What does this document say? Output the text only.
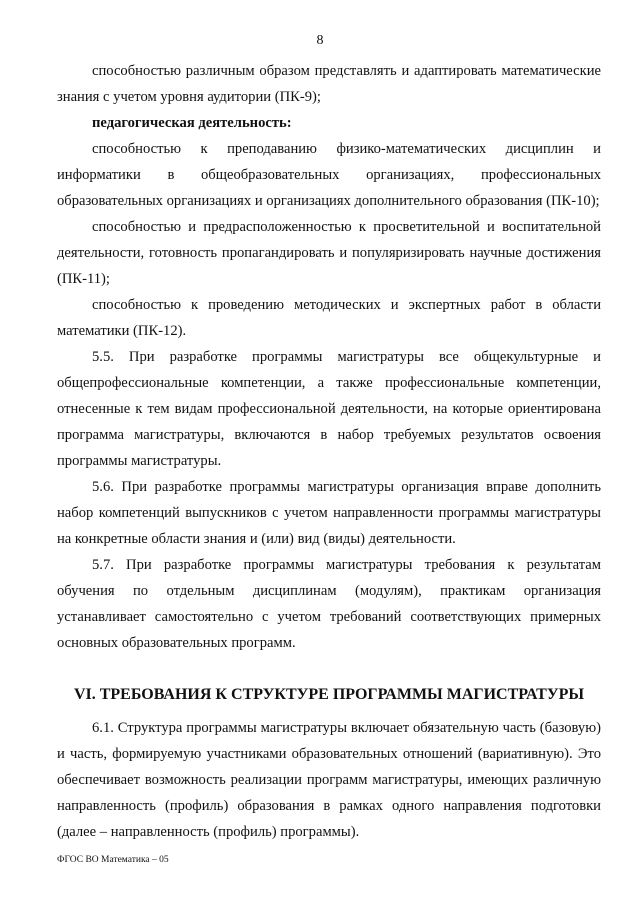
8

способностью различным образом представлять и адаптировать математические знания с учетом уровня аудитории (ПК-9);

педагогическая деятельность:

способностью к преподаванию физико-математических дисциплин и информатики в общеобразовательных организациях, профессиональных образовательных организациях и организациях дополнительного образования (ПК-10);

способностью и предрасположенностью к просветительной и воспитательной деятельности, готовность пропагандировать и популяризировать научные достижения (ПК-11);

способностью к проведению методических и экспертных работ в области математики (ПК-12).

5.5. При разработке программы магистратуры все общекультурные и общепрофессиональные компетенции, а также профессиональные компетенции, отнесенные к тем видам профессиональной деятельности, на которые ориентирована программа магистратуры, включаются в набор требуемых результатов освоения программы магистратуры.

5.6. При разработке программы магистратуры организация вправе дополнить набор компетенций выпускников с учетом направленности программы магистратуры на конкретные области знания и (или) вид (виды) деятельности.

5.7. При разработке программы магистратуры требования к результатам обучения по отдельным дисциплинам (модулям), практикам организация устанавливает самостоятельно с учетом требований соответствующих примерных основных образовательных программ.

VI. ТРЕБОВАНИЯ К СТРУКТУРЕ ПРОГРАММЫ МАГИСТРАТУРЫ

6.1. Структура программы магистратуры включает обязательную часть (базовую) и часть, формируемую участниками образовательных отношений (вариативную). Это обеспечивает возможность реализации программ магистратуры, имеющих различную направленность (профиль) образования в рамках одного направления подготовки (далее – направленность (профиль) программы).

ФГОС ВО Математика – 05
